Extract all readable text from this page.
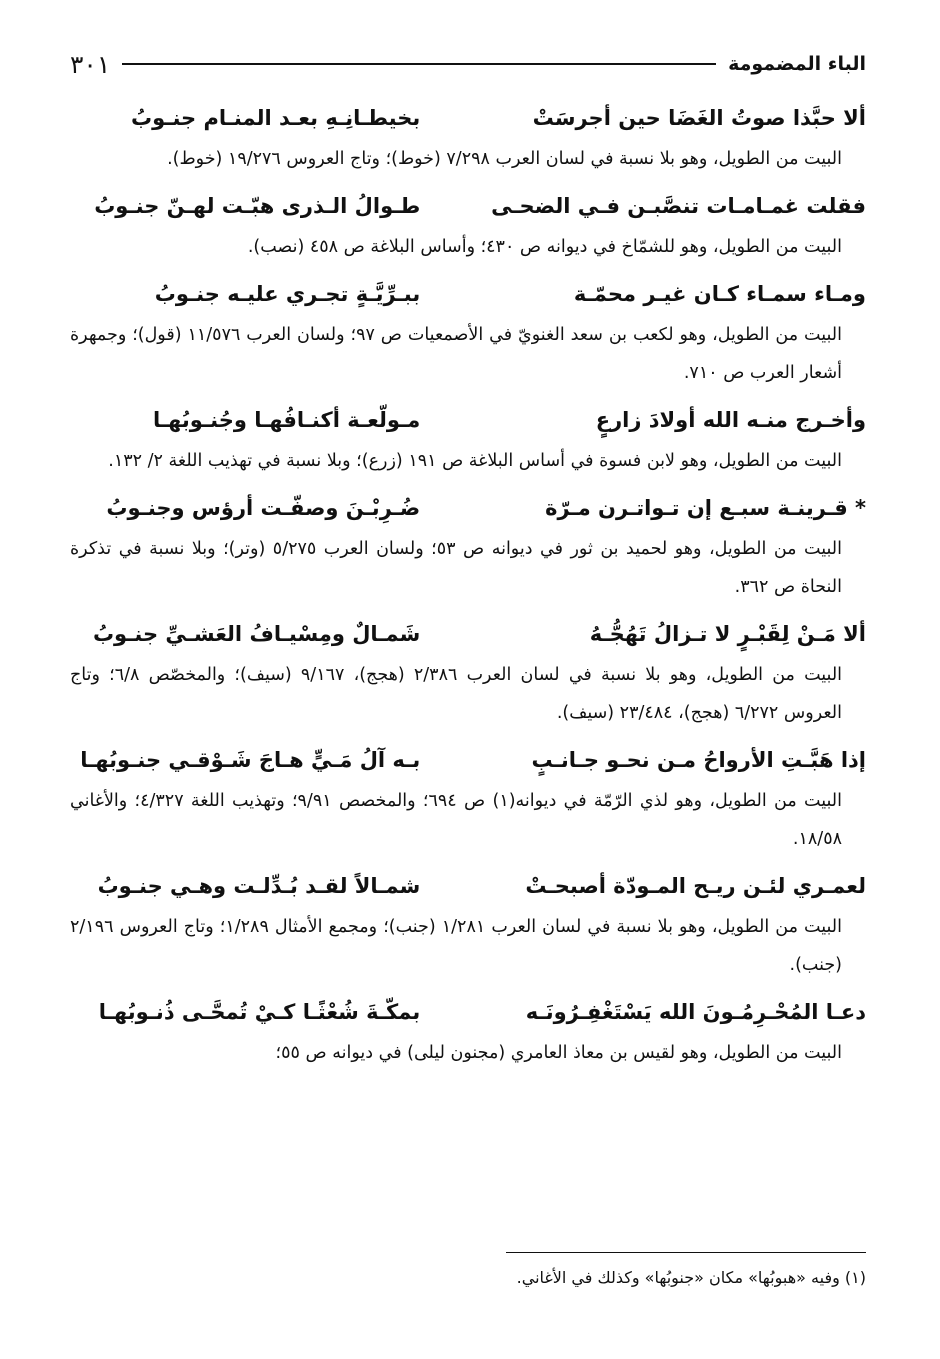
الباء المضمومة
٣٠١
ألا حبَّذا صوتُ الغَضَا حين أجرسَتْ
بخيطـانِـهِ بعـد المنـام جنـوبُ
البيت من الطويل، وهو بلا نسبة في لسان العرب ٧/٢٩٨ (خوط)؛ وتاج العروس ١٩/٢٧٦ (خوط).
فقلت غمـامـات تنصَّبـن فـي الضحـى
طـوالُ الـذرى هبّـت لهـنّ جنـوبُ
البيت من الطويل، وهو للشمّاخ في ديوانه ص ٤٣٠؛ وأساس البلاغة ص ٤٥٨ (نصب).
ومـاء سمـاء كـان غيـر محمّـة
ببـرِّيَّـةٍ تجـري عليـه جنـوبُ
البيت من الطويل، وهو لكعب بن سعد الغنويّ في الأصمعيات ص ٩٧؛ ولسان العرب ١١/٥٧٦ (قول)؛ وجمهرة أشعار العرب ص ٧١٠.
وأخـرج منـه الله أولادَ زارعٍ
مـولّعـة أكنـافُهـا وجُنـوبُهـا
البيت من الطويل، وهو لابن فسوة في أساس البلاغة ص ١٩١ (زرع)؛ وبلا نسبة في تهذيب اللغة ٢/ ١٣٢.
* قـرينـة سبـع إن تـواتـرن مـرّة
ضُـرِبْـنَ وصفّـت أرؤس وجنـوبُ
البيت من الطويل، وهو لحميد بن ثور في ديوانه ص ٥٣؛ ولسان العرب ٥/٢٧٥ (وتر)؛ وبلا نسبة في تذكرة النحاة ص ٣٦٢.
ألا مَـنْ لِقَبْـرٍ لا تـزالُ تَهُجُّـهُ
شَمـالٌ ومِسْيـافُ العَشـيِّ جنـوبُ
البيت من الطويل، وهو بلا نسبة في لسان العرب ٢/٣٨٦ (هجج)، ٩/١٦٧ (سيف)؛ والمخصّص ٦/٨؛ وتاج العروس ٦/٢٧٢ (هجج)، ٢٣/٤٨٤ (سيف).
إذا هَبَّـتِ الأرواحُ مـن نحـو جـانـبٍ
بـه آلُ مَـيٍّ هـاجَ شَـوْقـي جنـوبُهـا
البيت من الطويل، وهو لذي الرّمّة في ديوانه(١) ص ٦٩٤؛ والمخصص ٩/٩١؛ وتهذيب اللغة ٤/٣٢٧؛ والأغاني ١٨/٥٨.
لعمـري لئـن ريـح المـودّة أصبحـتْ
شمـالاً لقـد بُـدِّلـت وهـي جنـوبُ
البيت من الطويل، وهو بلا نسبة في لسان العرب ١/٢٨١ (جنب)؛ ومجمع الأمثال ١/٢٨٩؛ وتاج العروس ٢/١٩٦ (جنب).
دعـا المُحْـرِمُـونَ الله يَسْتَغْفِـرُونَـه
بمكّـةَ شُعْثًـا كـيْ تُمحَّـى ذُنـوبُهـا
البيت من الطويل، وهو لقيس بن معاذ العامري (مجنون ليلى) في ديوانه ص ٥٥؛
(١) وفيه «هبوبُها» مكان «جنوبُها» وكذلك في الأغاني.
